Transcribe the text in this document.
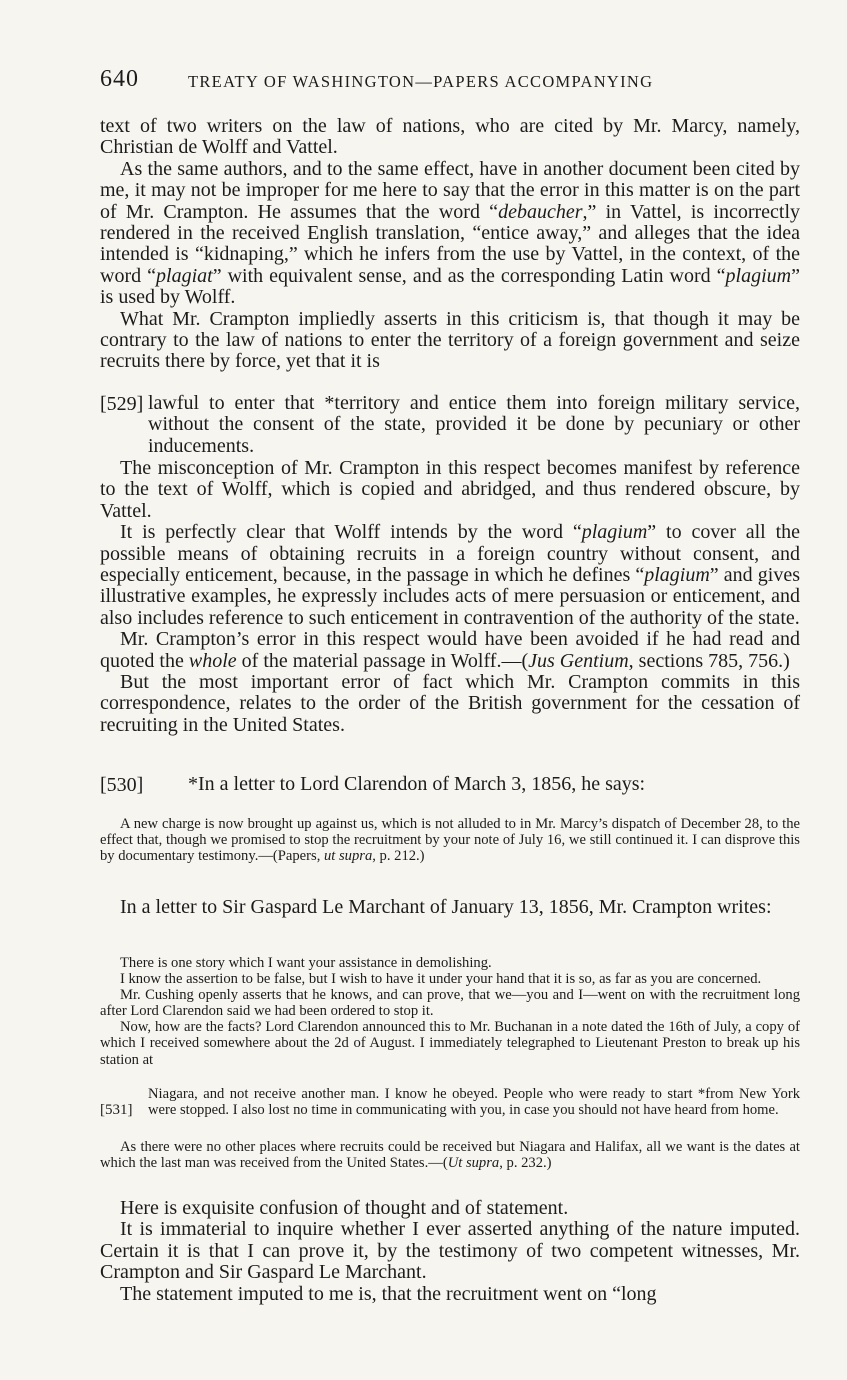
640	TREATY OF WASHINGTON—PAPERS ACCOMPANYING

text of two writers on the law of nations, who are cited by Mr. Marcy, namely, Christian de Wolff and Vattel.

As the same authors, and to the same effect, have in another document been cited by me, it may not be improper for me here to say that the error in this matter is on the part of Mr. Crampton. He assumes that the word “debaucher,” in Vattel, is incorrectly rendered in the received English translation, “entice away,” and alleges that the idea intended is “kidnaping,” which he infers from the use by Vattel, in the context, of the word “plagiat” with equivalent sense, and as the corresponding Latin word “plagium” is used by Wolff.

What Mr. Crampton impliedly asserts in this criticism is, that though it may be contrary to the law of nations to enter the territory of a foreign government and seize recruits there by force, yet that it is

[529] lawful to enter that *territory and entice them into foreign military service, without the consent of the state, provided it be done by pecuniary or other inducements.

The misconception of Mr. Crampton in this respect becomes manifest by reference to the text of Wolff, which is copied and abridged, and thus rendered obscure, by Vattel.

It is perfectly clear that Wolff intends by the word “plagium” to cover all the possible means of obtaining recruits in a foreign country without consent, and especially enticement, because, in the passage in which he defines “plagium” and gives illustrative examples, he expressly includes acts of mere persuasion or enticement, and also includes reference to such enticement in contravention of the authority of the state.

Mr. Crampton’s error in this respect would have been avoided if he had read and quoted the whole of the material passage in Wolff.—(Jus Gentium, sections 785, 756.)

But the most important error of fact which Mr. Crampton commits in this correspondence, relates to the order of the British government for the cessation of recruiting in the United States.

[530] *In a letter to Lord Clarendon of March 3, 1856, he says:

A new charge is now brought up against us, which is not alluded to in Mr. Marcy’s dispatch of December 28, to the effect that, though we promised to stop the recruitment by your note of July 16, we still continued it. I can disprove this by documentary testimony.—(Papers, ut supra, p. 212.)

In a letter to Sir Gaspard Le Marchant of January 13, 1856, Mr. Crampton writes:

There is one story which I want your assistance in demolishing.

I know the assertion to be false, but I wish to have it under your hand that it is so, as far as you are concerned.

Mr. Cushing openly asserts that he knows, and can prove, that we—you and I—went on with the recruitment long after Lord Clarendon said we had been ordered to stop it.

Now, how are the facts? Lord Clarendon announced this to Mr. Buchanan in a note dated the 16th of July, a copy of which I received somewhere about the 2d of August. I immediately telegraphed to Lieutenant Preston to break up his station at

[531]

Niagara, and not receive another man. I know he obeyed. People who were ready to start *from New York were stopped. I also lost no time in communicating with you, in case you should not have heard from home.

As there were no other places where recruits could be received but Niagara and Halifax, all we want is the dates at which the last man was received from the United States.—(Ut supra, p. 232.)

Here is exquisite confusion of thought and of statement.

It is immaterial to inquire whether I ever asserted anything of the nature imputed. Certain it is that I can prove it, by the testimony of two competent witnesses, Mr. Crampton and Sir Gaspard Le Marchant.

The statement imputed to me is, that the recruitment went on “long
